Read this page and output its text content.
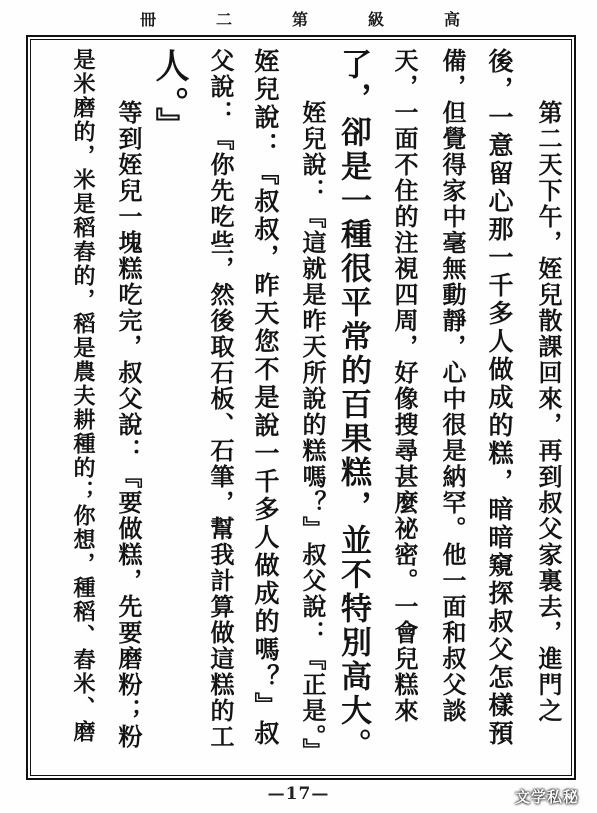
冊	二	第	級	高
第二天下午，姪兒散課回來，再到叔父家裏去，進門之
後，一意留心那一千多人做成的糕，暗暗窺探叔父怎樣預
備，但覺得家中毫無動靜，心中很是納罕。他一面和叔父談
天，一面不住的注視四周，好像搜尋甚麼祕密。一會兒糕來
了，卻是一種很平常的百果糕，並不特別高大。
姪兒說：『這就是昨天所說的糕嗎？』叔父說：『正是。』
姪兒說：『叔叔，昨天您不是說一千多人做成的嗎？』叔
父說：『你先吃些，然後取石板、石筆，幫我計算做這糕的工
人。』
等到姪兒一塊糕吃完，叔父說：『要做糕，先要磨粉；粉
是米磨的，米是稻舂的，稻是農夫耕種的；你想，種稻、舂米、磨
—17—	文学私秘
